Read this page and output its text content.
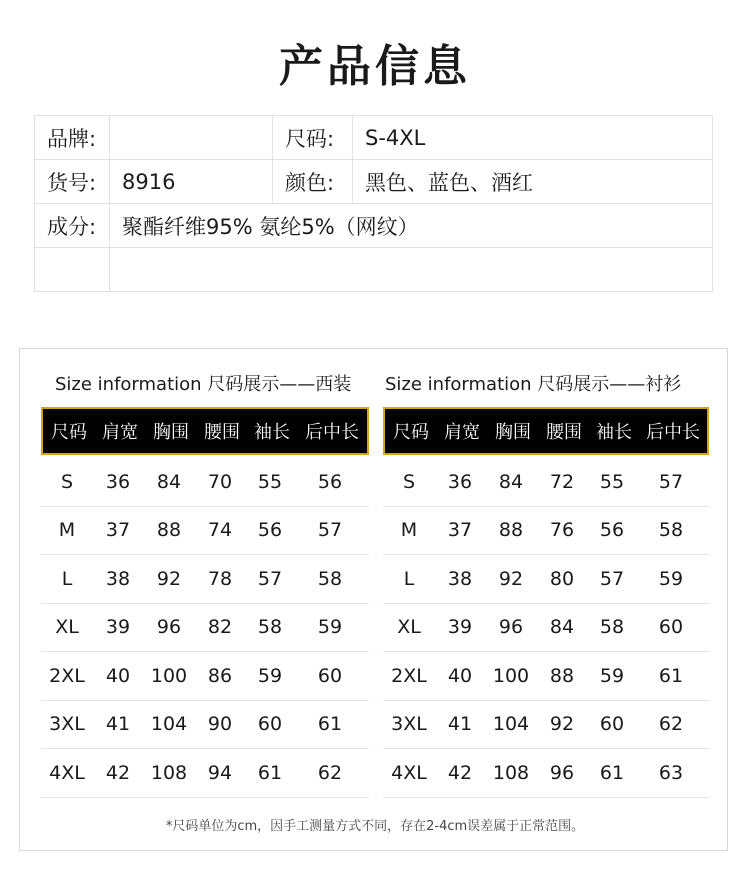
产品信息
品牌:		尺码:	S-4XL
货号:	8916	颜色:	黑色、蓝色、酒红
成分:	聚酯纤维95% 氨纶5%（网纹）		

Size information 尺码展示——西装
尺码 肩宽 胸围 腰围 袖长 后中长
S	36	84	70	55	56
M	37	88	74	56	57
L	38	92	78	57	58
XL	39	96	82	58	59
2XL	40	100	86	59	60
3XL	41	104	90	60	61
4XL	42	108	94	61	62
Size information 尺码展示——衬衫
尺码 肩宽 胸围 腰围 袖长 后中长
S	36	84	72	55	57
M	37	88	76	56	58
L	38	92	80	57	59
XL	39	96	84	58	60
2XL	40	100	88	59	61
3XL	41	104	92	60	62
4XL	42	108	96	61	63
*尺码单位为cm，因手工测量方式不同，存在2-4cm误差属于正常范围。
